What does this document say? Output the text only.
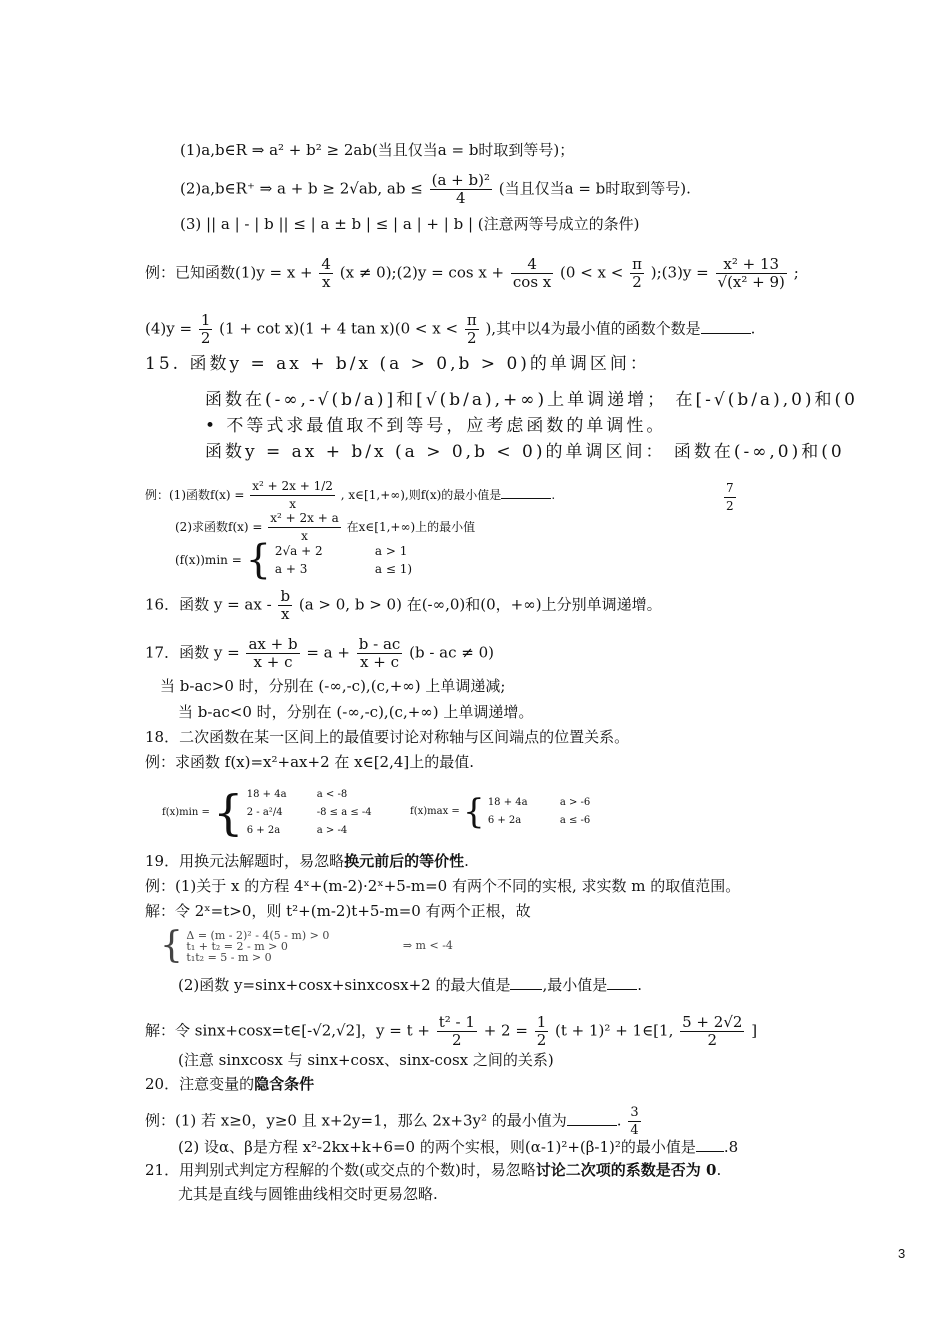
(1)a,b∈R ⇒ a² + b² ≥ 2ab(当且仅当a = b时取到等号)；
(2)a,b∈R⁺ ⇒ a + b ≥ 2√ab, ab ≤ $\frac{\text{(a + b)²}}{4}$ (当且仅当a = b时取到等号).
(3) || a | - | b || ≤ | a ± b | ≤ | a | + | b | (注意两等号成立的条件)
例：已知函数$(1)y = x + \frac{4}{x} (x$ ≠ 0);(2)y = $\cos x + \frac{4}{\text{cos x}} (0 < x < \frac{\pi}{2}$ );(3)y = $\frac{\text{x² + 13}}{\text{√(x² + 9)}}$ ;
$(4)y = \frac{1}{2} (1 + \cot x)(1 + 4$ $\tan x)(0 < x < \frac{\pi}{2}$ ),其中以4为最小值的函数个数是	.
15. 函数y = ax + b/x (a > 0,b > 0)的单调区间：
函数在(-∞,-√(b/a)]和[√(b/a),+∞)上单调递增； 在[-√(b/a),0)和(0
• 不等式求最值取不到等号，应考虑函数的单调性。
函数y = ax + b/x (a > 0,b < 0)的单调区间： 函数在(-∞,0)和(0
例：(1)函数$f(x) = \frac{\text{x² + 2x + 1/2}}{x}$ , x∈[1,+∞),则f(x)的最小值是	.	$\frac{7}{2}$
(2)求函数$f(x) = \frac{\text{x² + 2x + a}}{x}$ 在x∈[1,+∞)上的最小值
(f(x))min = { 2√a + 2	a > 1
a + 3	a ≤ 1)
16．函数 y = ax - $\frac{b}{x} (a > 0$, b > 0) 在(-∞,0)和(0，+∞)上分别单调递增。
17．函数 $y = \frac{ax + b}{x + c} = a + \frac{b - ac}{x + c} (b$ - ac ≠ 0)
当 b-ac>0 时，分别在 (-∞,-c),(c,+∞) 上单调递减;
当 b-ac<0 时，分别在 (-∞,-c),(c,+∞) 上单调递增。
18．二次函数在某一区间上的最值要讨论对称轴与区间端点的位置关系。
例：求函数 f(x)=x²+ax+2 在 x∈[2,4]上的最值.
f(x)min = { 18 + 4a	a < -8
2 - a²/4	-8 ≤ a ≤ -4
6 + 2a	a > -4
f(x)max = { 18 + 4a	a > -6
6 + 2a	a ≤ -6
19．用换元法解题时，易忽略换元前后的等价性.
例：(1)关于 x 的方程 4ˣ+(m-2)·2ˣ+5-m=0 有两个不同的实根, 求实数 m 的取值范围。
解：令 2ˣ=t>0，则 t²+(m-2)t+5-m=0 有两个正根，故
{ Δ = (m - 2)² - 4(5 - m) > 0
t₁ + t₂ = 2 - m > 0
t₁t₂ = 5 - m > 0
⇒ m < -4
(2)函数 y=sinx+cosx+sinxcosx+2 的最大值是 ,最小值是 .
解：令 sinx+cosx=t∈[-√2,√2]，$y = t + \frac{\text{t² - 1}}{2} + 2 = \frac{1}{2} (t + 1)^2$ + 1∈[1, $\frac{5 + 2√2}{2}$ ]
(注意 sinxcosx 与 sinx+cosx、sinx-cosx 之间的关系)
20．注意变量的隐含条件
例：(1) 若 x≥0，y≥0 且 x+2y=1，那么 2x+3y² 的最小值为	. $\frac{3}{4}$
(2) 设α、β是方程 x²-2kx+k+6=0 的两个实根，则(α-1)²+(β-1)²的最小值是 .8
21．用判别式判定方程解的个数(或交点的个数)时，易忽略讨论二次项的系数是否为 0.
尤其是直线与圆锥曲线相交时更易忽略.
3
